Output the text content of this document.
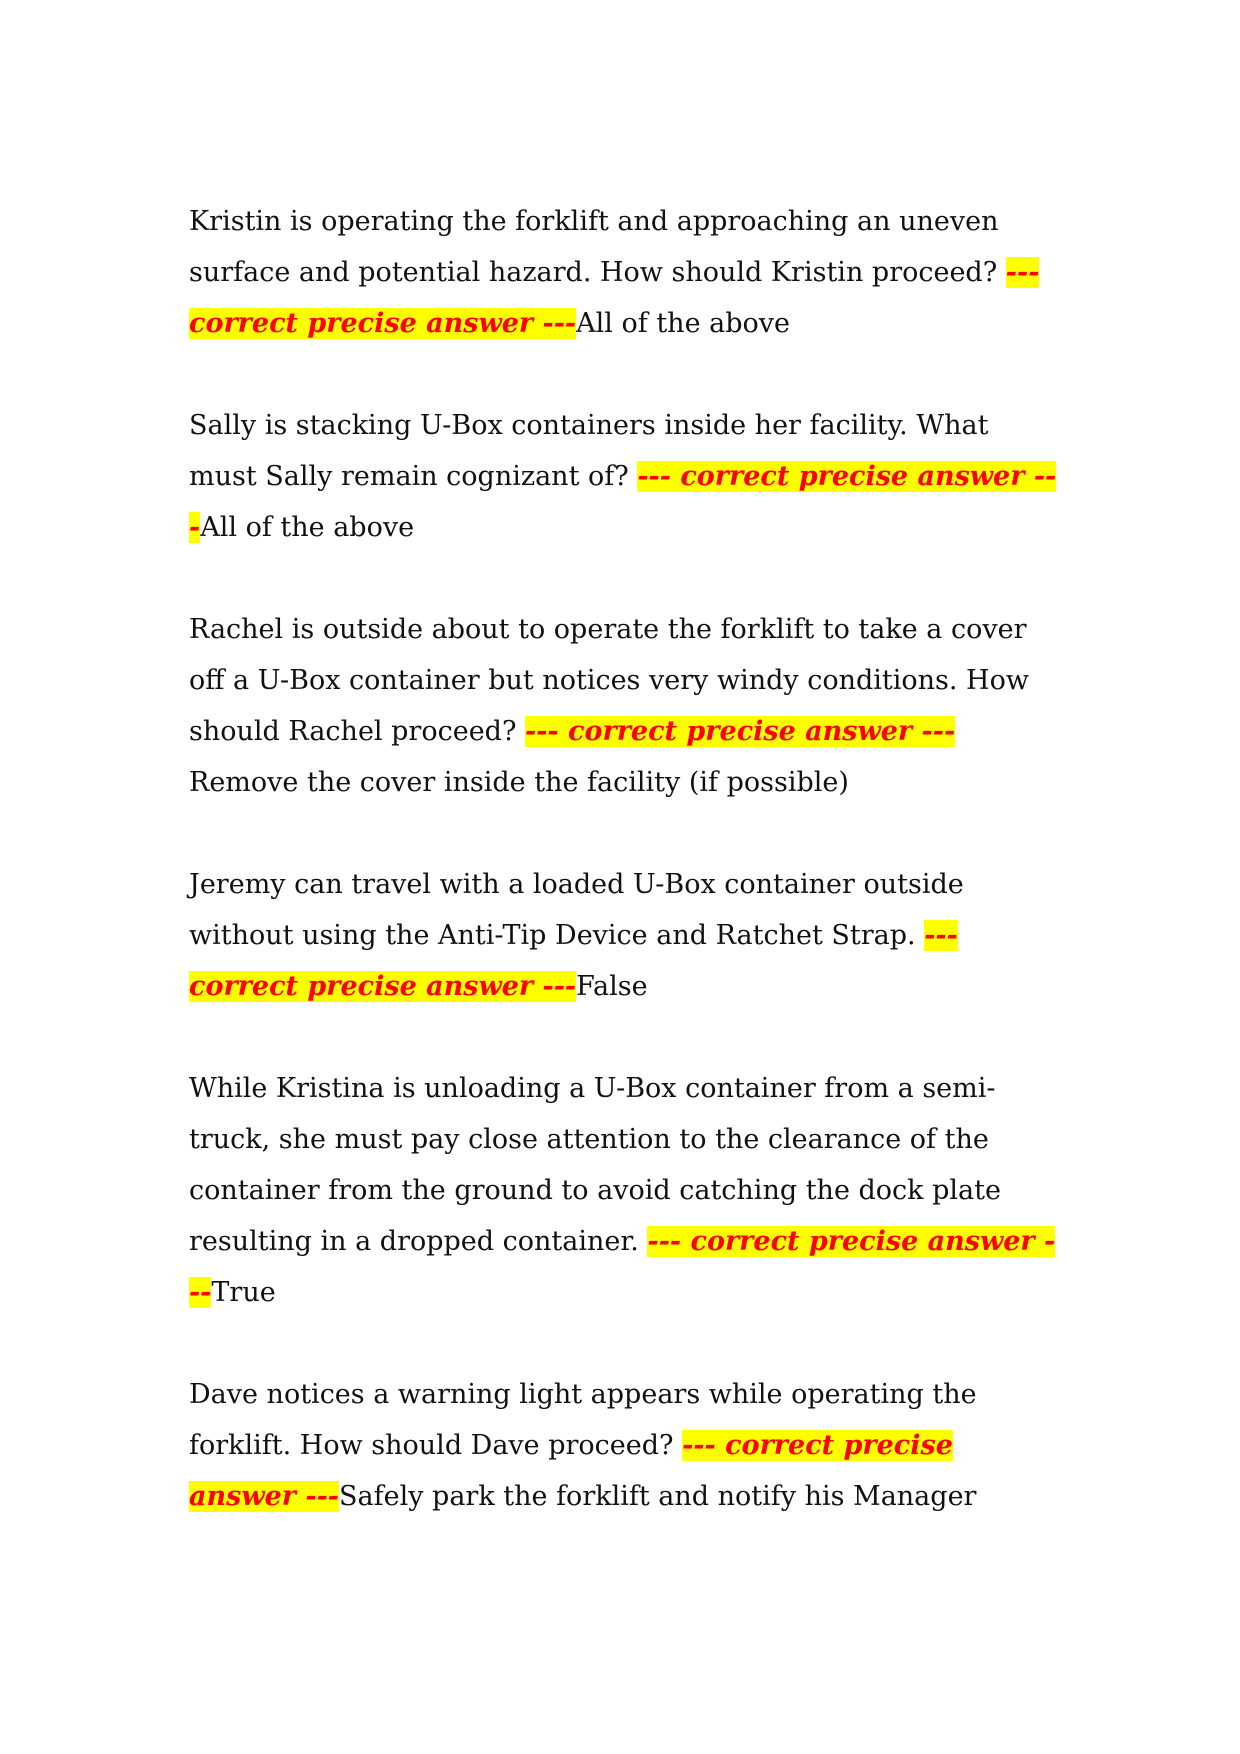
Kristin is operating the forklift and approaching an uneven surface and potential hazard. How should Kristin proceed? --- correct precise answer ---All of the above

Sally is stacking U-Box containers inside her facility. What must Sally remain cognizant of? --- correct precise answer ---All of the above

Rachel is outside about to operate the forklift to take a cover off a U-Box container but notices very windy conditions. How should Rachel proceed? --- correct precise answer ---Remove the cover inside the facility (if possible)

Jeremy can travel with a loaded U-Box container outside without using the Anti-Tip Device and Ratchet Strap. --- correct precise answer ---False

While Kristina is unloading a U-Box container from a semi-truck, she must pay close attention to the clearance of the container from the ground to avoid catching the dock plate resulting in a dropped container. --- correct precise answer ---True

Dave notices a warning light appears while operating the forklift. How should Dave proceed? --- correct precise answer ---Safely park the forklift and notify his Manager
